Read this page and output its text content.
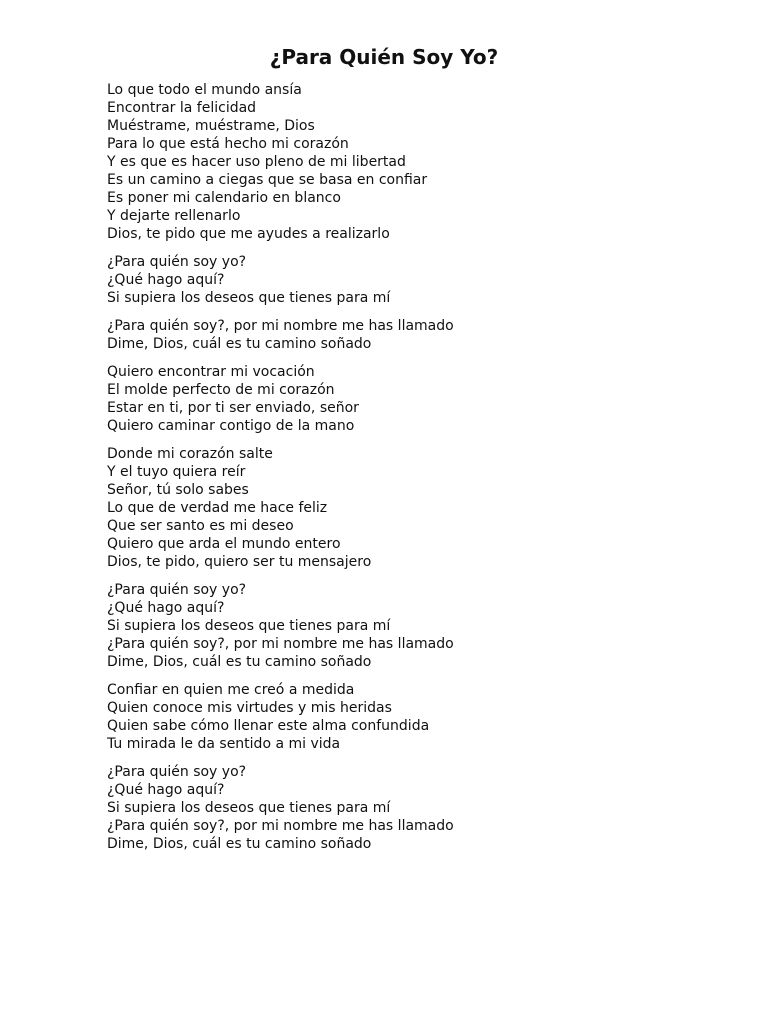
¿Para Quién Soy Yo?
Lo que todo el mundo ansía
Encontrar la felicidad
Muéstrame, muéstrame, Dios
Para lo que está hecho mi corazón
Y es que es hacer uso pleno de mi libertad
Es un camino a ciegas que se basa en confiar
Es poner mi calendario en blanco
Y dejarte rellenarlo
Dios, te pido que me ayudes a realizarlo
¿Para quién soy yo?
¿Qué hago aquí?
Si supiera los deseos que tienes para mí
¿Para quién soy?, por mi nombre me has llamado
Dime, Dios, cuál es tu camino soñado
Quiero encontrar mi vocación
El molde perfecto de mi corazón
Estar en ti, por ti ser enviado, señor
Quiero caminar contigo de la mano
Donde mi corazón salte
Y el tuyo quiera reír
Señor, tú solo sabes
Lo que de verdad me hace feliz
Que ser santo es mi deseo
Quiero que arda el mundo entero
Dios, te pido, quiero ser tu mensajero
¿Para quién soy yo?
¿Qué hago aquí?
Si supiera los deseos que tienes para mí
¿Para quién soy?, por mi nombre me has llamado
Dime, Dios, cuál es tu camino soñado
Confiar en quien me creó a medida
Quien conoce mis virtudes y mis heridas
Quien sabe cómo llenar este alma confundida
Tu mirada le da sentido a mi vida
¿Para quién soy yo?
¿Qué hago aquí?
Si supiera los deseos que tienes para mí
¿Para quién soy?, por mi nombre me has llamado
Dime, Dios, cuál es tu camino soñado
